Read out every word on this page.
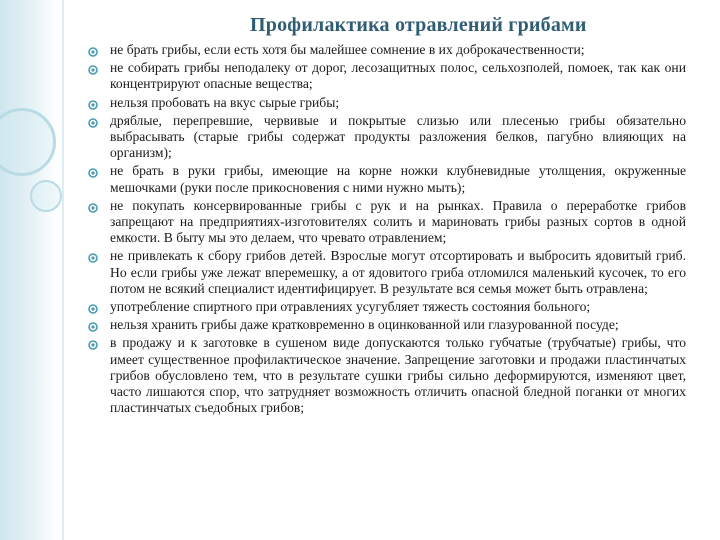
Профилактика отравлений грибами
не брать грибы, если есть хотя бы малейшее сомнение в их доброкачественности;
не собирать грибы неподалеку от дорог, лесозащитных полос, сельхозполей, помоек, так как они концентрируют опасные вещества;
нельзя пробовать на вкус сырые грибы;
дряблые, перепревшие, червивые и покрытые слизью или плесенью грибы обязательно выбрасывать (старые грибы содержат продукты разложения белков, пагубно влияющих на организм);
не брать в руки грибы, имеющие на корне ножки клубневидные утолщения, окруженные мешочками (руки после прикосновения с ними нужно мыть);
не покупать консервированные грибы с рук и на рынках. Правила о переработке грибов запрещают на предприятиях-изготовителях солить и мариновать грибы разных сортов в одной емкости. В быту мы это делаем, что чревато отравлением;
не привлекать к сбору грибов детей. Взрослые могут отсортировать и выбросить ядовитый гриб. Но если грибы уже лежат вперемешку, а от ядовитого гриба отломился маленький кусочек, то его потом не всякий специалист идентифицирует. В результате вся семья может быть отравлена;
употребление спиртного при отравлениях усугубляет тяжесть состояния больного;
нельзя хранить грибы даже кратковременно в оцинкованной или глазурованной посуде;
в продажу и к заготовке в сушеном виде допускаются только губчатые (трубчатые) грибы, что имеет существенное профилактическое значение. Запрещение заготовки и продажи пластинчатых грибов обусловлено тем, что в результате сушки грибы сильно деформируются, изменяют цвет, часто лишаются спор, что затрудняет возможность отличить опасной бледной поганки от многих пластинчатых съедобных грибов;
